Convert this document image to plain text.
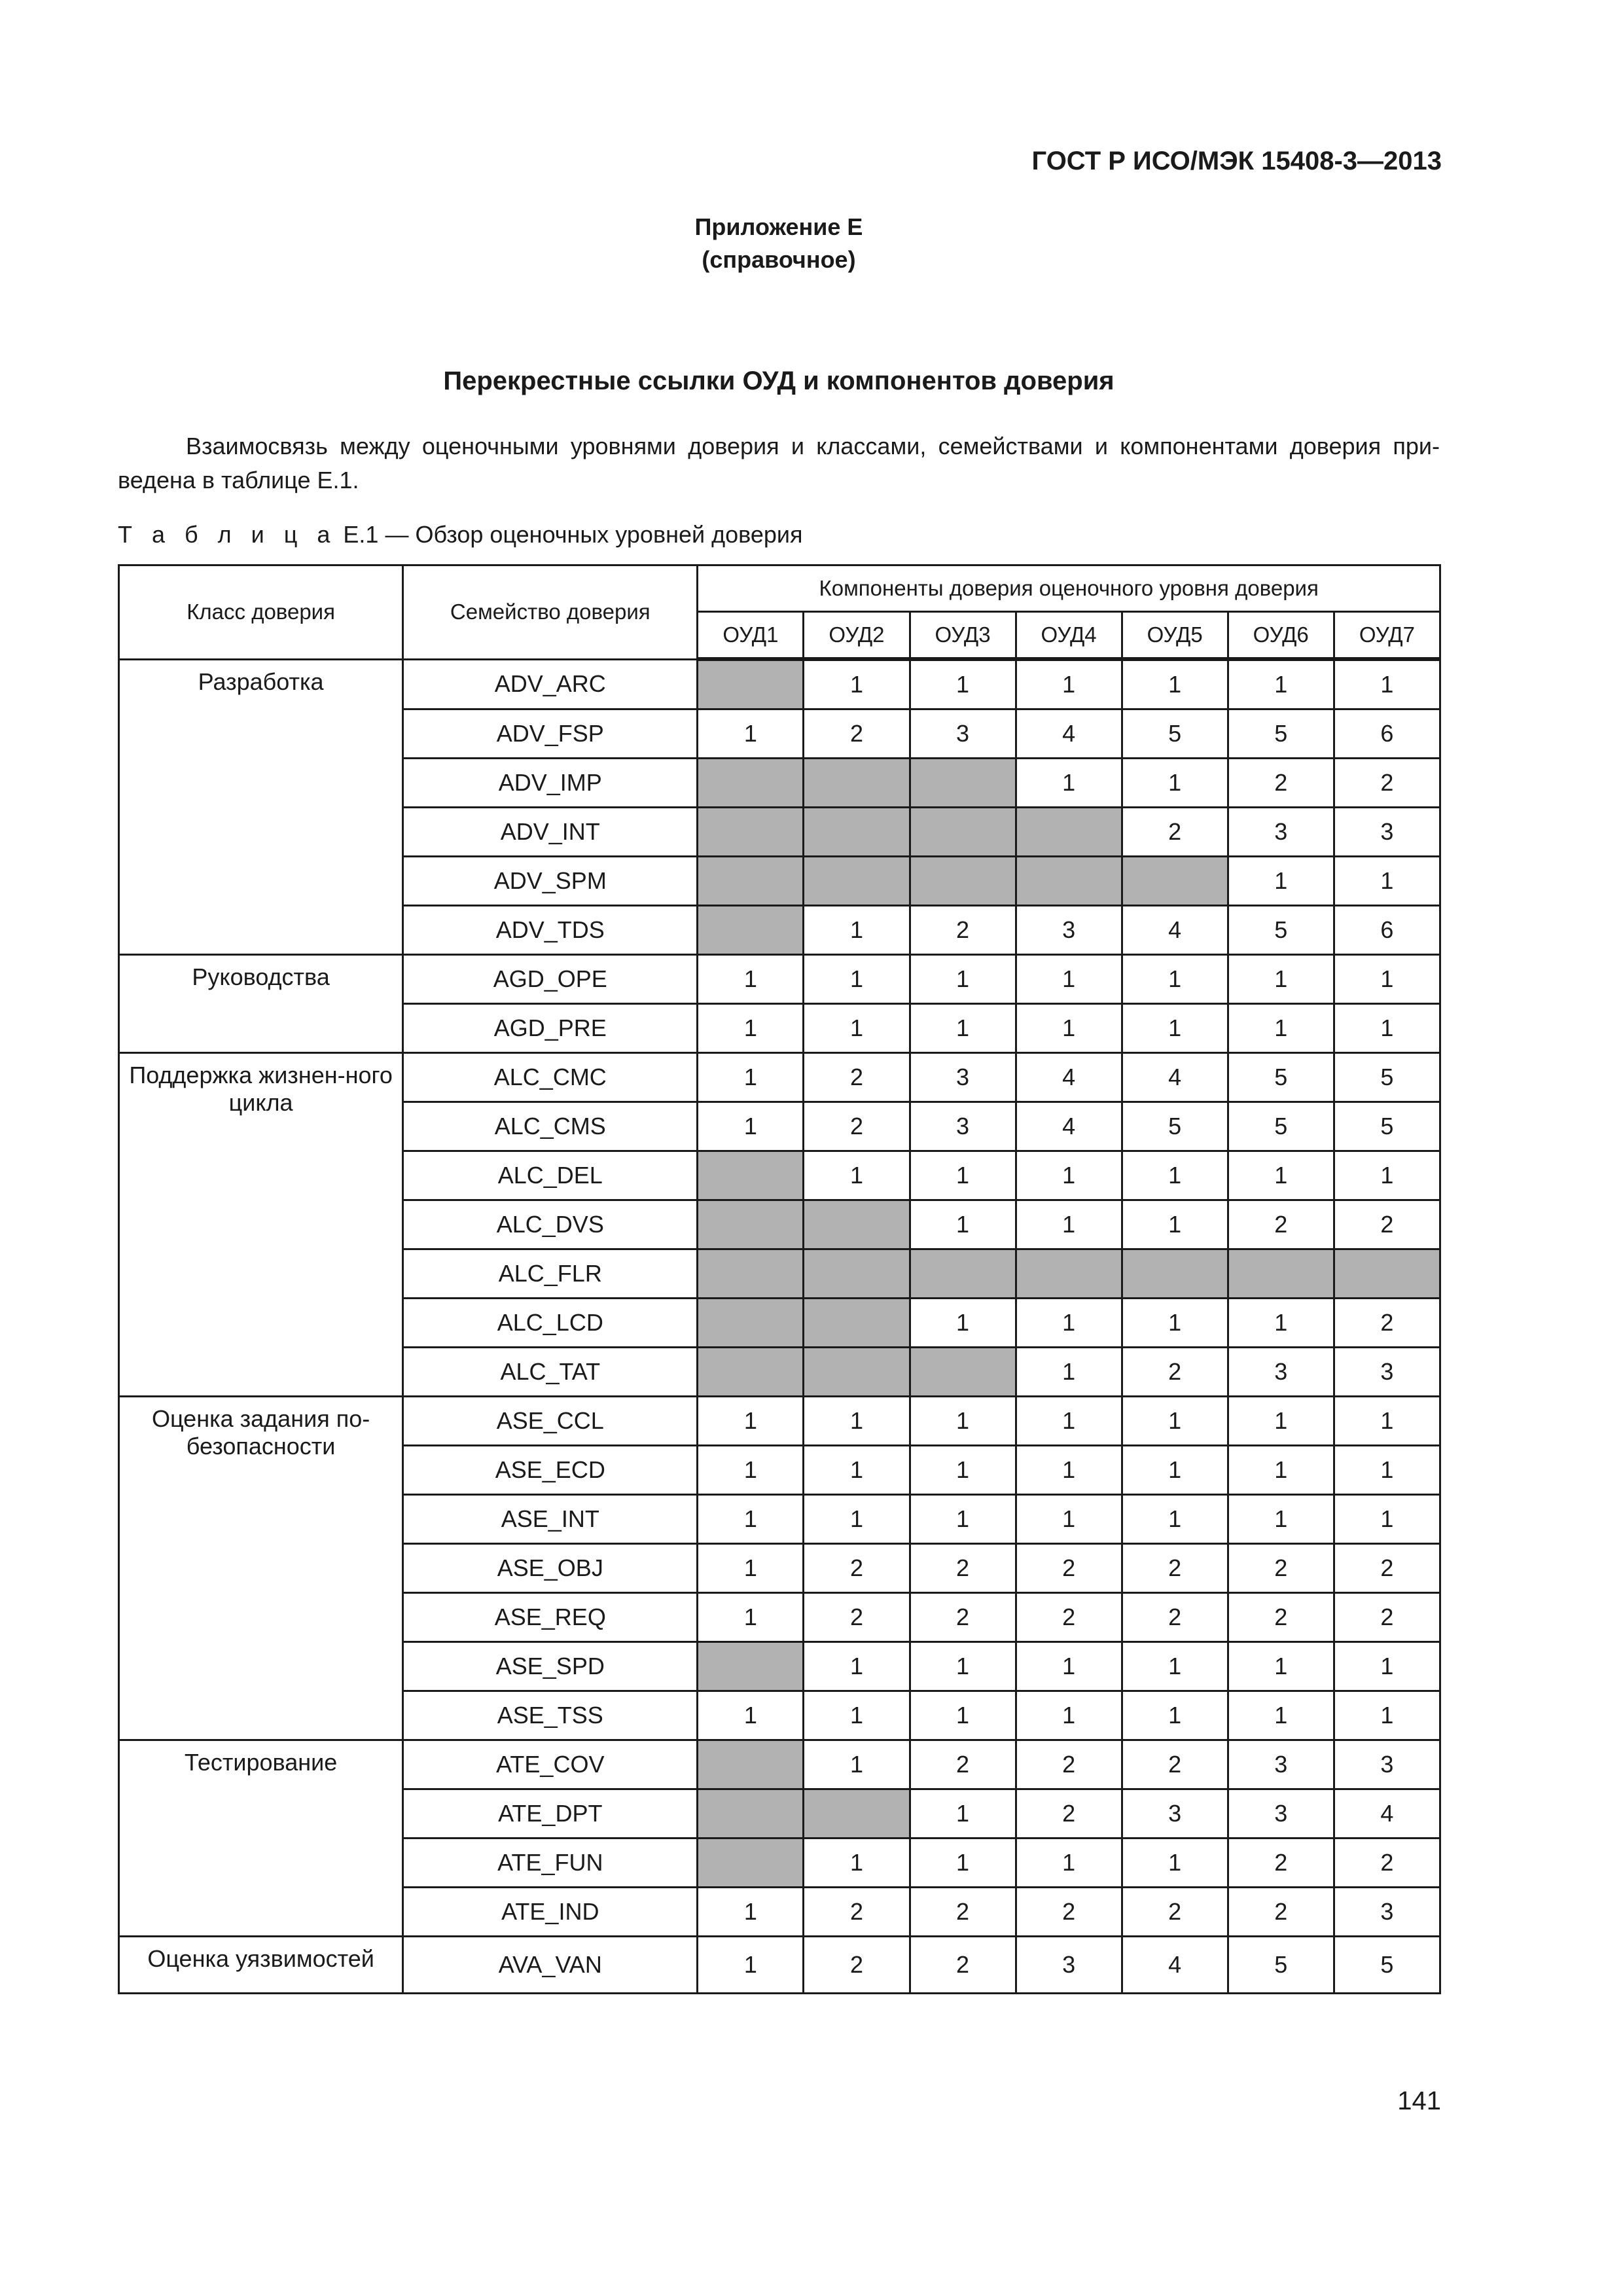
ГОСТ Р ИСО/МЭК 15408-3—2013
Приложение E
(справочное)
Перекрестные ссылки ОУД и компонентов доверия
Взаимосвязь между оценочными уровнями доверия и классами, семействами и компонентами доверия при-ведена в таблице E.1.
Т а б л и ц а E.1 — Обзор оценочных уровней доверия
Класс доверия	Семейство доверия	Компоненты доверия оценочного уровня доверия						
		ОУД1	ОУД2	ОУД3	ОУД4	ОУД5	ОУД6	ОУД7
Разработка	ADV_ARC		1	1	1	1	1	1
	ADV_FSP	1	2	3	4	5	5	6
	ADV_IMP				1	1	2	2
	ADV_INT					2	3	3
	ADV_SPM						1	1
	ADV_TDS		1	2	3	4	5	6
Руководства	AGD_OPE	1	1	1	1	1	1	1
	AGD_PRE	1	1	1	1	1	1	1
Поддержка жизнен-ного цикла	ALC_CMC	1	2	3	4	4	5	5
	ALC_CMS	1	2	3	4	5	5	5
	ALC_DEL		1	1	1	1	1	1
	ALC_DVS			1	1	1	2	2
	ALC_FLR							
	ALC_LCD			1	1	1	1	2
	ALC_TAT				1	2	3	3
Оценка задания по-безопасности	ASE_CCL	1	1	1	1	1	1	1
	ASE_ECD	1	1	1	1	1	1	1
	ASE_INT	1	1	1	1	1	1	1
	ASE_OBJ	1	2	2	2	2	2	2
	ASE_REQ	1	2	2	2	2	2	2
	ASE_SPD		1	1	1	1	1	1
	ASE_TSS	1	1	1	1	1	1	1
Тестирование	ATE_COV		1	2	2	2	3	3
	ATE_DPT			1	2	3	3	4
	ATE_FUN		1	1	1	1	2	2
	ATE_IND	1	2	2	2	2	2	3
Оценка уязвимостей	AVA_VAN	1	2	2	3	4	5	5
141
